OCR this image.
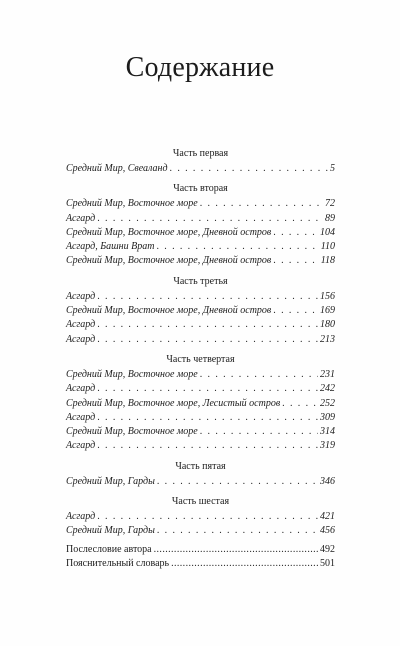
Содержание
Часть первая
Средний Мир, Свеаланд . . .	5
Часть вторая
Средний Мир, Восточное море . . .	72
Асгард . . .	89
Средний Мир, Восточное море, Дневной остров . . .	104
Асгард, Башни Врат . . .	110
Средний Мир, Восточное море, Дневной остров . . .	118
Часть третья
Асгард . . .	156
Средний Мир, Восточное море, Дневной остров . . .	169
Асгард . . .	180
Асгард . . .	213
Часть четвертая
Средний Мир, Восточное море . . .	231
Асгард . . .	242
Средний Мир, Восточное море, Лесистый остров . . .	252
Асгард . . .	309
Средний Мир, Восточное море . . .	314
Асгард . . .	319
Часть пятая
Средний Мир, Гарды . . .	346
Часть шестая
Асгард . . .	421
Средний Мир, Гарды . . .	456
Послесловие автора .....	492
Пояснительный словарь .....	501
